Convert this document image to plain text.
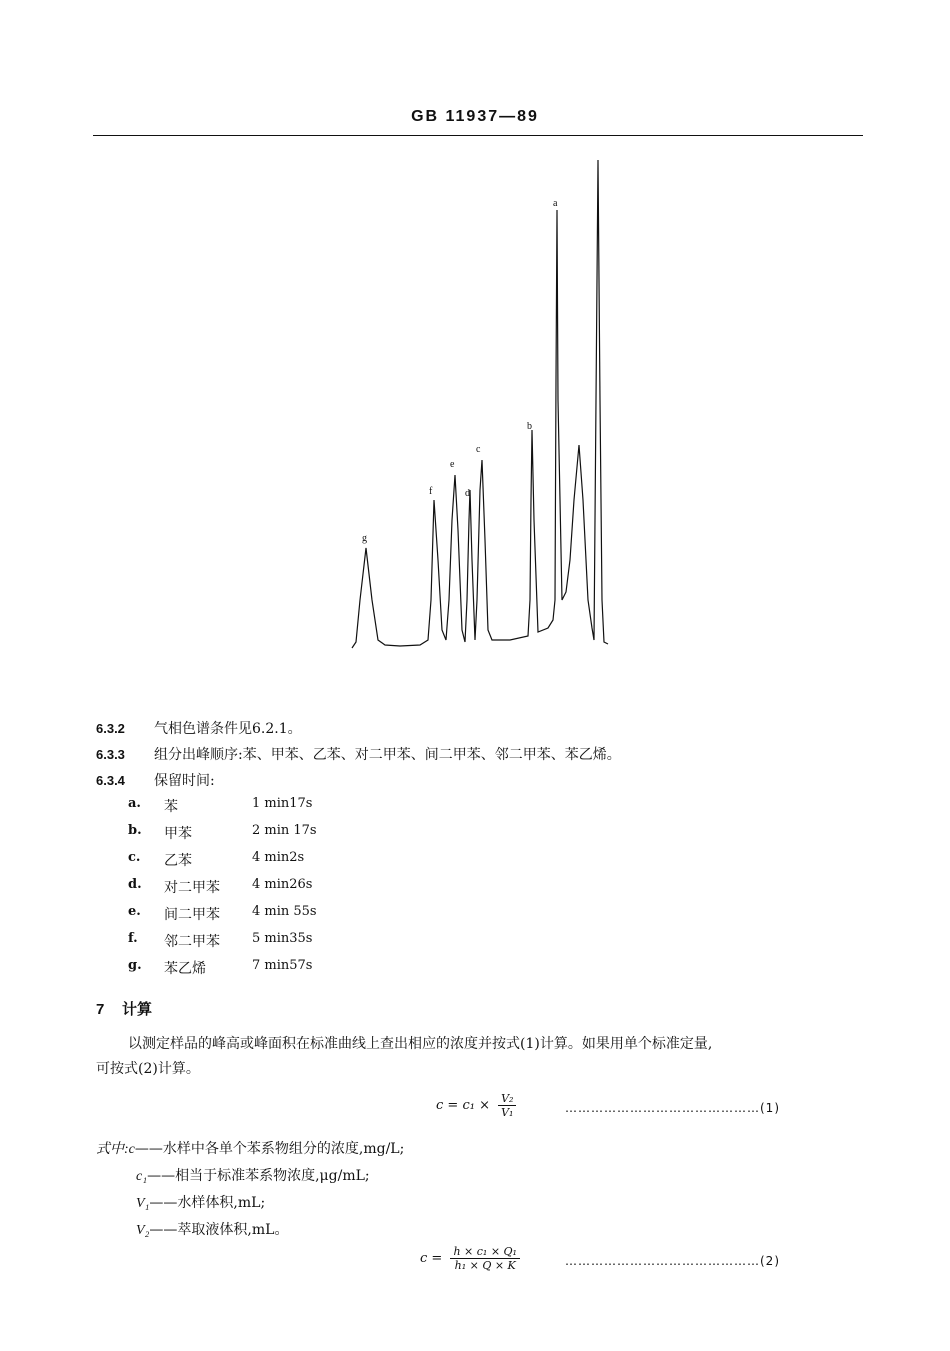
GB 11937—89
g
f
e
d
c
b
a
6.3.2 气相色谱条件见6.2.1。
6.3.3 组分出峰顺序:苯、甲苯、乙苯、对二甲苯、间二甲苯、邻二甲苯、苯乙烯。
6.3.4 保留时间:
a.	苯	1 min17s
b.	甲苯	2 min 17s
c.	乙苯	4 min2s
d.	对二甲苯	4 min26s
e.	间二甲苯	4 min 55s
f.	邻二甲苯	5 min35s
g.	苯乙烯	7 min57s
7 计算
以测定样品的峰高或峰面积在标准曲线上查出相应的浓度并按式(1)计算。如果用单个标准定量,
可按式(2)计算。
$c = c_1 \times \frac{\text{V₂}}{\text{V₁}}$	………………………………………(1)
式中:c——水样中各单个苯系物组分的浓度,mg/L;
c₁——相当于标准苯系物浓度,μg/mL;
V₁——水样体积,mL;
V₂——萃取液体积,mL。
$c = \frac{\text{h × c₁ × Q₁}}{\text{h₁ × Q × K}}$	………………………………………(2)
